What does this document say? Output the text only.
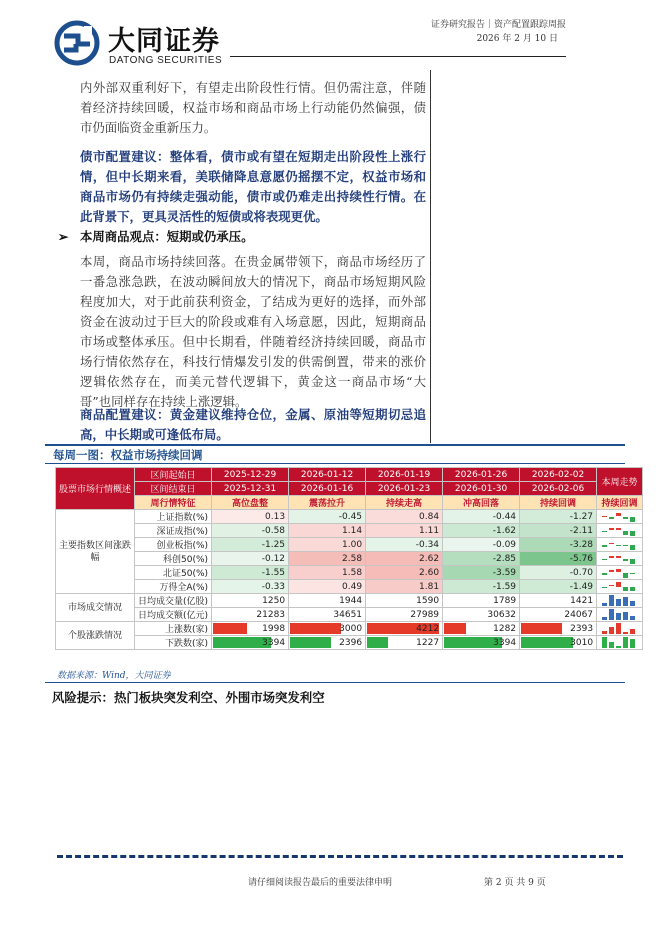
大同证券
DATONG SECURITIES
证券研究报告｜资产配置跟踪周报
2026 年 2 月 10 日
内外部双重利好下，有望走出阶段性行情。但仍需注意，伴随着经济持续回暖，权益市场和商品市场上行动能仍然偏强，债市仍面临资金重新压力。
债市配置建议：整体看，债市或有望在短期走出阶段性上涨行情，但中长期来看，美联储降息意愿仍摇摆不定，权益市场和商品市场仍有持续走强动能，债市或仍难走出持续性行情。在此背景下，更具灵活性的短债或将表现更优。
➢ 本周商品观点：短期或仍承压。
本周，商品市场持续回落。在贵金属带领下，商品市场经历了一番急涨急跌，在波动瞬间放大的情况下，商品市场短期风险程度加大，对于此前获利资金，了结成为更好的选择，而外部资金在波动过于巨大的阶段或难有入场意愿，因此，短期商品市场或整体承压。但中长期看，伴随着经济持续回暖，商品市场行情依然存在，科技行情爆发引发的供需倒置，带来的涨价逻辑依然存在，而美元替代逻辑下，黄金这一商品市场“大哥”也同样存在持续上涨逻辑。
商品配置建议：黄金建议维持仓位，金属、原油等短期切忌追高，中长期或可逢低布局。
每周一图：权益市场持续回调
股票市场行情概述	区间起始日	2025-12-29	2026-01-12	2026-01-19	2026-01-26	2026-02-02	本周走势
	区间结束日	2025-12-31	2026-01-16	2026-01-23	2026-01-30	2026-02-06	
	周行情特征	高位盘整	震荡拉升	持续走高	冲高回落	持续回调	持续回调
主要指数区间涨跌幅	上证指数(%)	0.13	-0.45	0.84	-0.44	-1.27	

	深证成指(%)	-0.58	1.14	1.11	-1.62	-2.11	

	创业板指(%)	-1.25	1.00	-0.34	-0.09	-3.28	

	科创50(%)	-0.12	2.58	2.62	-2.85	-5.76	

	北证50(%)	-1.55	1.58	2.60	-3.59	-0.70	

	万得全A(%)	-0.33	0.49	1.81	-1.59	-1.49	

市场成交情况	日均成交量(亿股)	1250	1944	1590	1789	1421	

	日均成交额(亿元)	21283	34651	27989	30632	24067	

个股涨跌情况	上涨数(家)	1998	3000	4212	1282	2393	

	下跌数(家)	3394	2396	1227	3394	3010	
数据来源：Wind，大同证券
风险提示：热门板块突发利空、外围市场突发利空
请仔细阅读报告最后的重要法律申明	第 2 页 共 9 页
